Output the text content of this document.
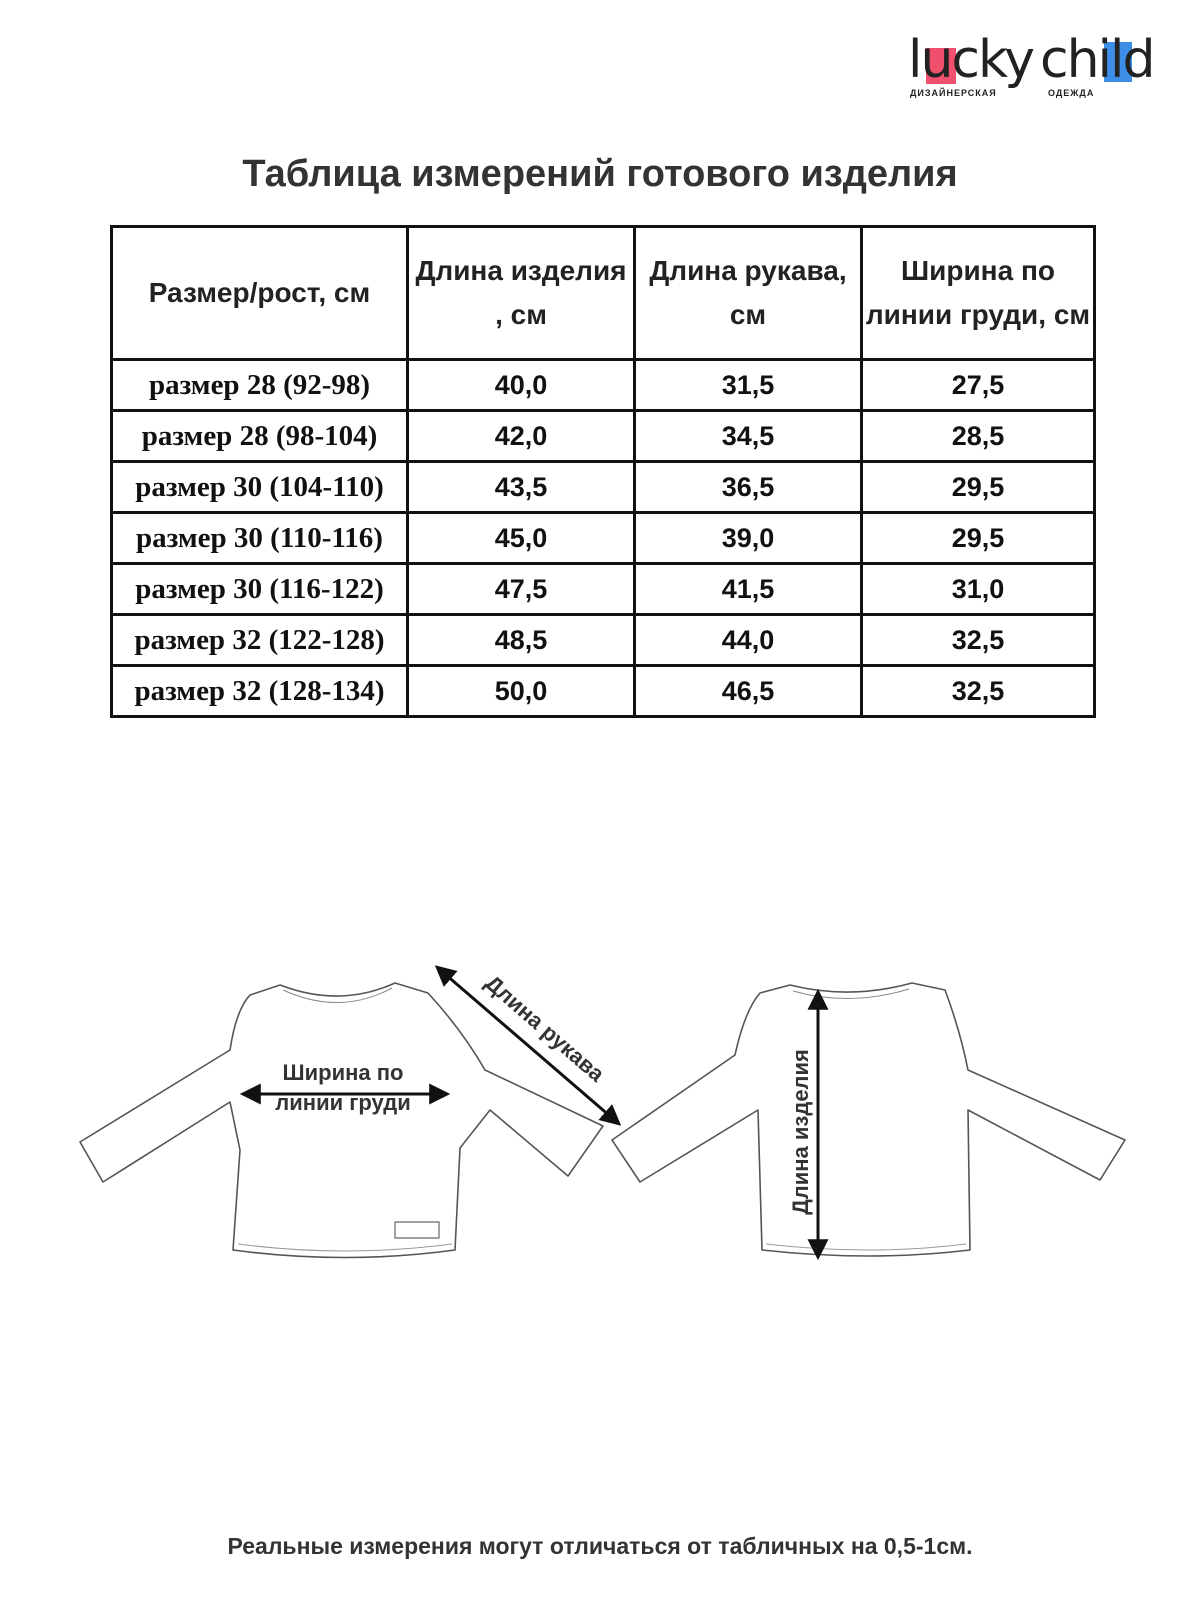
lucky child
ДИЗАЙНЕРСКАЯ	ОДЕЖДА
Таблица измерений готового изделия
Размер/рост, см	Длина изделия , см	Длина рукава, см	Ширина по линии груди, см
размер 28 (92-98)	40,0	31,5	27,5
размер 28 (98-104)	42,0	34,5	28,5
размер 30 (104-110)	43,5	36,5	29,5
размер 30 (110-116)	45,0	39,0	29,5
размер 30 (116-122)	47,5	41,5	31,0
размер 32 (122-128)	48,5	44,0	32,5
размер 32 (128-134)	50,0	46,5	32,5
Ширина по
линии груди
Длина рукава
Длина изделия

Реальные измерения могут отличаться от табличных на 0,5-1см.
